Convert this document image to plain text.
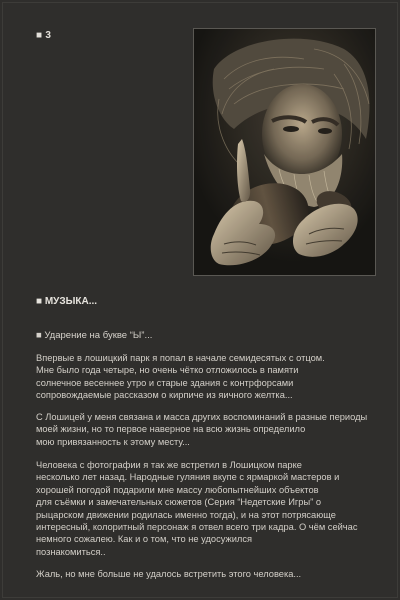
■ 3
■ МУЗЫКА...
■ Ударение на букве “Ы”...
Впервые в лошицкий парк я попал в начале семидесятых с отцом.
Мне было года четыре, но очень чётко отложилось в памяти
солнечное весеннее утро и старые здания с контрфорсами
сопровождаемые рассказом о кирпиче из яичного желтка...
С Лошицей у меня связана и масса других воспоминаний в разные периоды
моей жизни, но то первое наверное на всю жизнь определило
мою привязанность к этому месту...
Человека с фотографии я так же встретил в Лошицком парке
несколько лет назад. Народные гуляния вкупе с ярмаркой мастеров и
хорошей погодой подарили мне массу любопытнейших объектов
для съёмки и замечательных сюжетов (Серия “Недетские Игры” о
рыцарском движении родилась именно тогда), и на этот потрясающе
интересный, колоритный персонаж я отвел всего три кадра. О чём сейчас
немного сожалею. Как и о том, что не удосужился
познакомиться..
Жаль, но мне больше не удалось встретить этого человека...
